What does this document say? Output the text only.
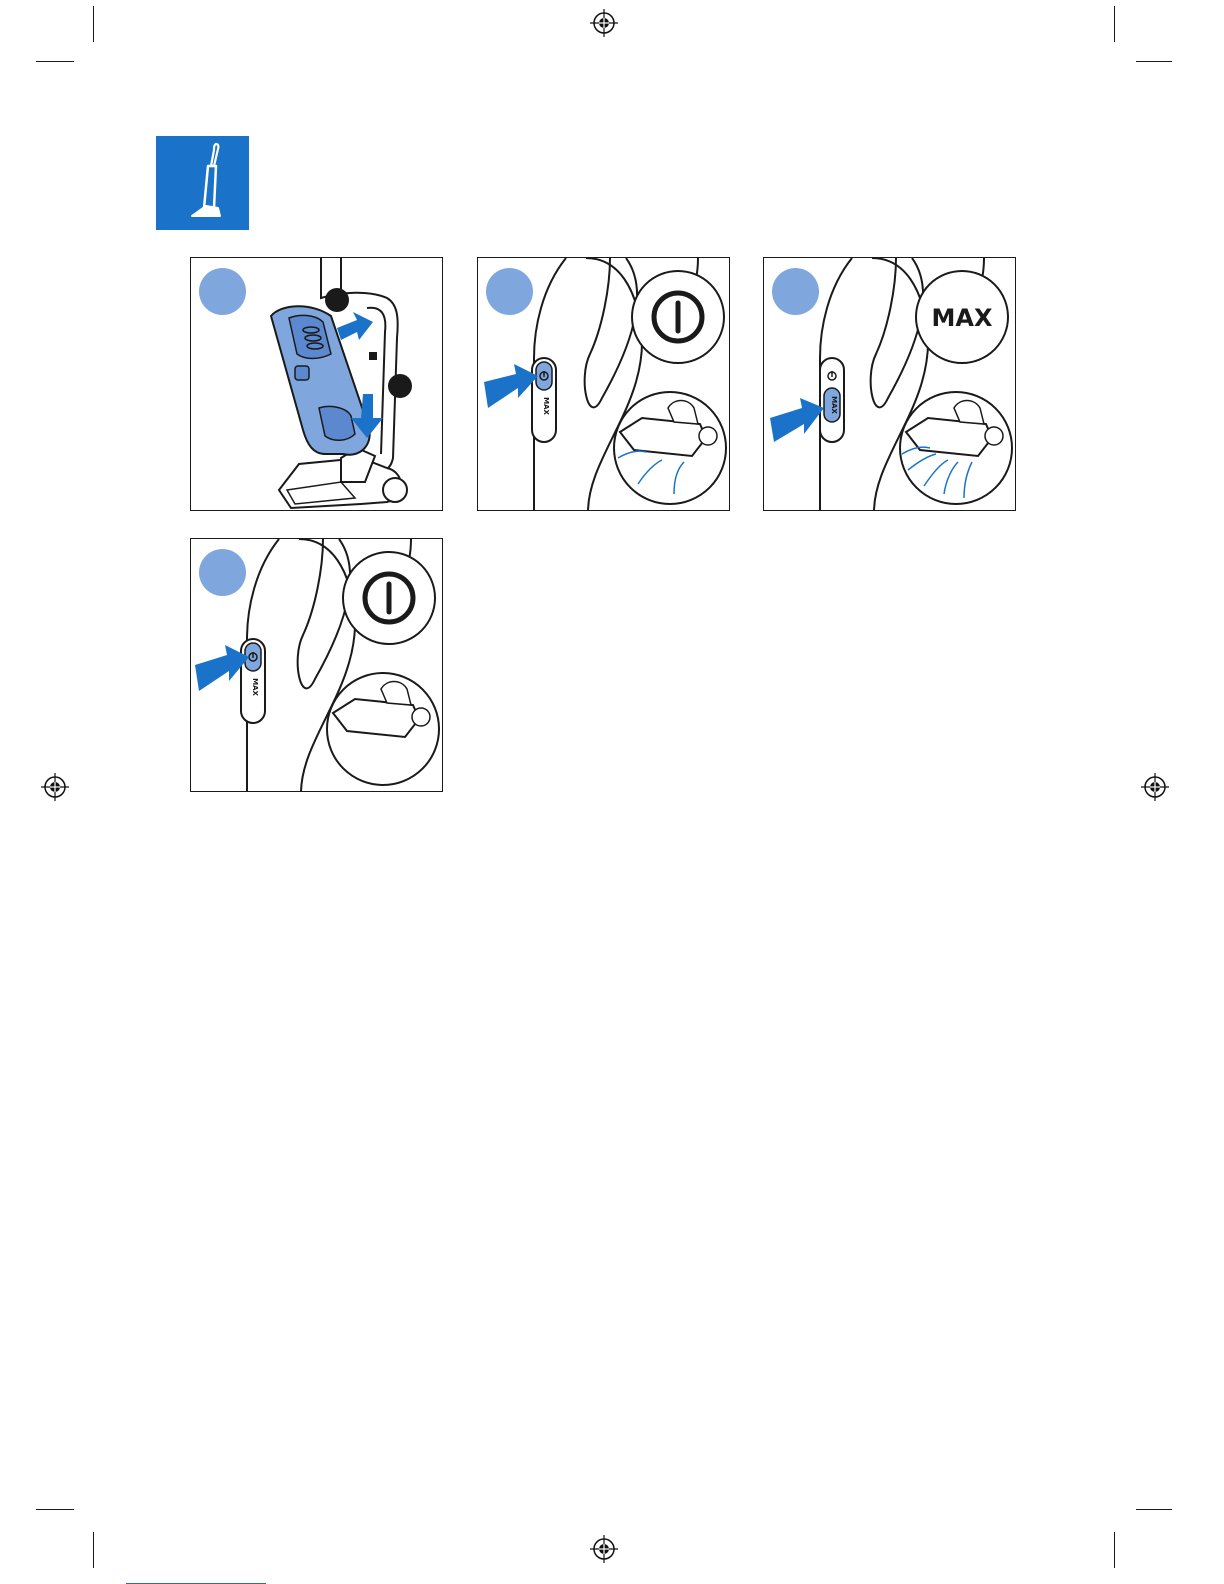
MAX	MAX
MAX
MAX
